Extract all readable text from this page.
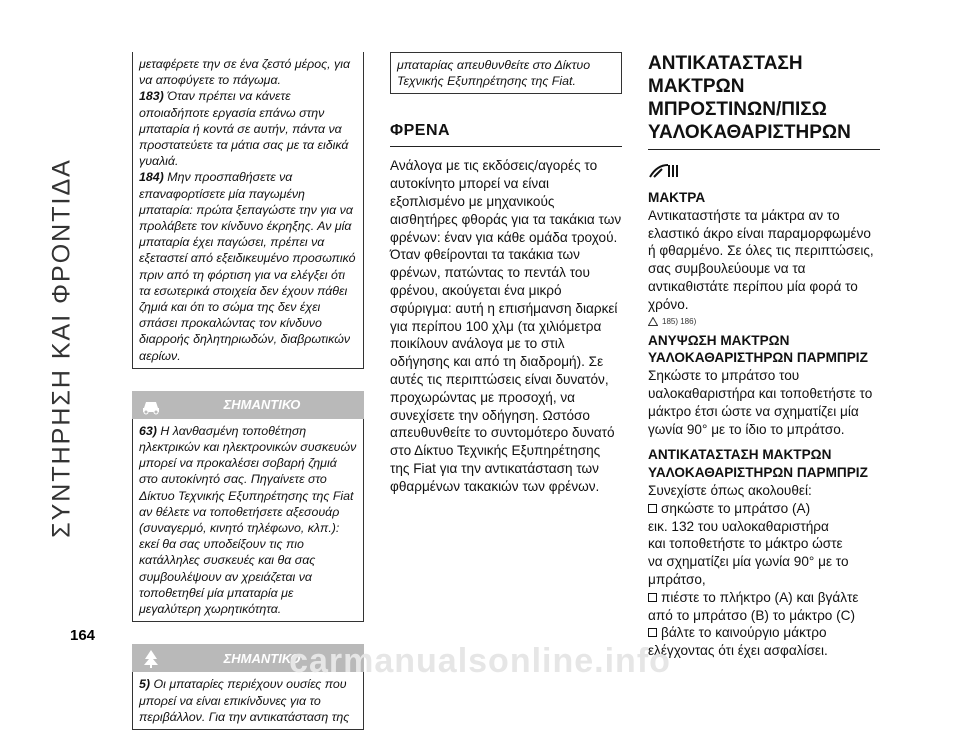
ΣΥΝΤΗΡΗΣΗ ΚΑΙ ΦΡΟΝΤΙΔΑ
164

μεταφέρετε την σε ένα ζεστό μέρος, για να αποφύγετε το πάγωμα.

183) Όταν πρέπει να κάνετε οποιαδήποτε εργασία επάνω στην μπαταρία ή κοντά σε αυτήν, πάντα να προστατεύετε τα μάτια σας με τα ειδικά γυαλιά.

184) Μην προσπαθήσετε να επαναφορτίσετε μία παγωμένη μπαταρία: πρώτα ξεπαγώστε την για να προλάβετε τον κίνδυνο έκρηξης. Αν μία μπαταρία έχει παγώσει, πρέπει να εξεταστεί από εξειδικευμένο προσωπικό πριν από τη φόρτιση για να ελέγξει ότι τα εσωτερικά στοιχεία δεν έχουν πάθει ζημιά και ότι το σώμα της δεν έχει σπάσει προκαλώντας τον κίνδυνο διαρροής δηλητηριωδών, διαβρωτικών αερίων.

ΣΗΜΑΝΤΙΚΟ

63) Η λανθασμένη τοποθέτηση ηλεκτρικών και ηλεκτρονικών συσκευών μπορεί να προκαλέσει σοβαρή ζημιά στο αυτοκίνητό σας. Πηγαίνετε στο Δίκτυο Τεχνικής Εξυπηρέτησης της Fiat αν θέλετε να τοποθετήσετε αξεσουάρ (συναγερμό, κινητό τηλέφωνο, κλπ.): εκεί θα σας υποδείξουν τις πιο κατάλληλες συσκευές και θα σας συμβουλέψουν αν χρειάζεται να τοποθετηθεί μία μπαταρία με μεγαλύτερη χωρητικότητα.

ΣΗΜΑΝΤΙΚΟ

5) Οι μπαταρίες περιέχουν ουσίες που μπορεί να είναι επικίνδυνες για το περιβάλλον. Για την αντικατάσταση της

μπαταρίας απευθυνθείτε στο Δίκτυο Τεχνικής Εξυπηρέτησης της Fiat.

ΦΡΕΝΑ

Ανάλογα με τις εκδόσεις/αγορές το αυτοκίνητο μπορεί να είναι εξοπλισμένο με μηχανικούς αισθητήρες φθοράς για τα τακάκια των φρένων: έναν για κάθε ομάδα τροχού. Όταν φθείρονται τα τακάκια των φρένων, πατώντας το πεντάλ του φρένου, ακούγεται ένα μικρό σφύριγμα: αυτή η επισήμανση διαρκεί για περίπου 100 χλμ (τα χιλιόμετρα ποικίλουν ανάλογα με το στιλ οδήγησης και από τη διαδρομή). Σε αυτές τις περιπτώσεις είναι δυνατόν, προχωρώντας με προσοχή, να συνεχίσετε την οδήγηση. Ωστόσο απευθυνθείτε το συντομότερο δυνατό στο Δίκτυο Τεχνικής Εξυπηρέτησης της Fiat για την αντικατάσταση των φθαρμένων τακακιών των φρένων.

ΑΝΤΙΚΑΤΑΣΤΑΣΗ ΜΑΚΤΡΩΝ
ΜΠΡΟΣΤΙΝΩΝ/ΠΙΣΩ
ΥΑΛΟΚΑΘΑΡΙΣΤΗΡΩΝ

ΜΑΚΤΡΑ

Αντικαταστήστε τα μάκτρα αν το ελαστικό άκρο είναι παραμορφωμένο ή φθαρμένο. Σε όλες τις περιπτώσεις, σας συμβουλεύουμε να τα αντικαθιστάτε περίπου μία φορά το χρόνο.

185) 186)

ΑΝΥΨΩΣΗ ΜΑΚΤΡΩΝ
ΥΑΛΟΚΑΘΑΡΙΣΤΗΡΩΝ ΠΑΡΜΠΡΙΖ

Σηκώστε το μπράτσο του υαλοκαθαριστήρα και τοποθετήστε το μάκτρο έτσι ώστε να σχηματίζει μία γωνία 90° με το ίδιο το μπράτσο.

ΑΝΤΙΚΑΤΑΣΤΑΣΗ ΜΑΚΤΡΩΝ
ΥΑΛΟΚΑΘΑΡΙΣΤΗΡΩΝ ΠΑΡΜΠΡΙΖ

Συνεχίστε όπως ακολουθεί:

σηκώστε το μπράτσο (A)
εικ. 132 του υαλοκαθαριστήρα
και τοποθετήστε το μάκτρο ώστε
να σχηματίζει μία γωνία 90° με το
μπράτσο,
πιέστε το πλήκτρο (A) και βγάλτε
από το μπράτσο (B) το μάκτρο (C)
βάλτε το καινούργιο μάκτρο
ελέγχοντας ότι έχει ασφαλίσει.
carmanualsonline.info
